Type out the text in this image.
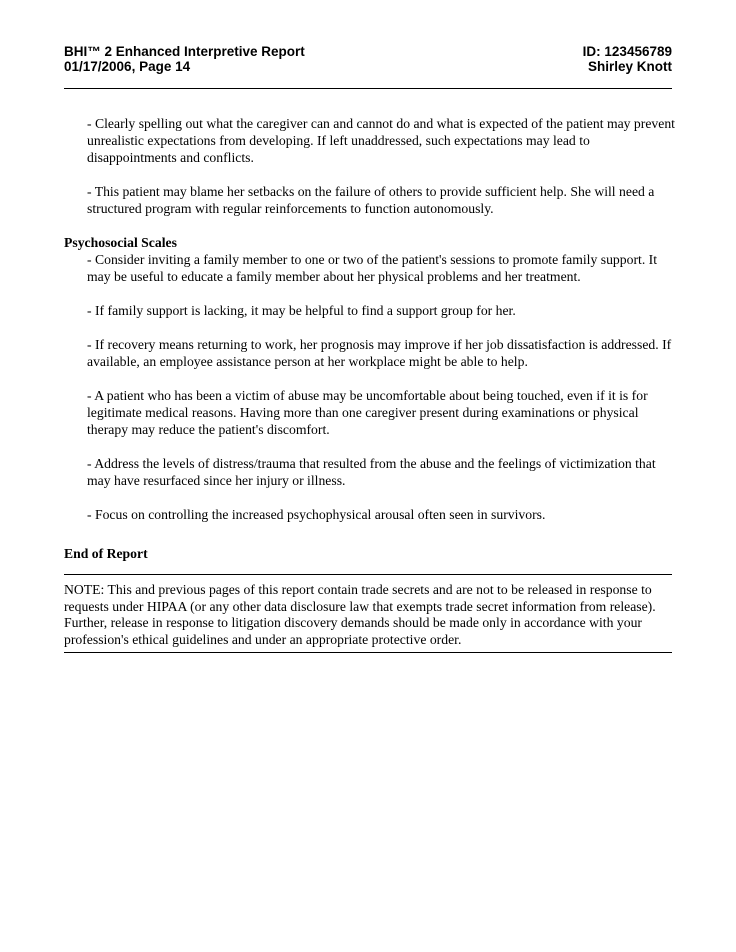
BHI™ 2 Enhanced Interpretive Report
01/17/2006, Page 14
ID: 123456789
Shirley Knott

- Clearly spelling out what the caregiver can and cannot do and what is expected of the patient may prevent unrealistic expectations from developing. If left unaddressed, such expectations may lead to disappointments and conflicts.

- This patient may blame her setbacks on the failure of others to provide sufficient help. She will need a structured program with regular reinforcements to function autonomously.

Psychosocial Scales

- Consider inviting a family member to one or two of the patient's sessions to promote family support. It may be useful to educate a family member about her physical problems and her treatment.

- If family support is lacking, it may be helpful to find a support group for her.

- If recovery means returning to work, her prognosis may improve if her job dissatisfaction is addressed. If available, an employee assistance person at her workplace might be able to help.

- A patient who has been a victim of abuse may be uncomfortable about being touched, even if it is for legitimate medical reasons. Having more than one caregiver present during examinations or physical therapy may reduce the patient's discomfort.

- Address the levels of distress/trauma that resulted from the abuse and the feelings of victimization that may have resurfaced since her injury or illness.

- Focus on controlling the increased psychophysical arousal often seen in survivors.

End of Report

NOTE: This and previous pages of this report contain trade secrets and are not to be released in response to requests under HIPAA (or any other data disclosure law that exempts trade secret information from release). Further, release in response to litigation discovery demands should be made only in accordance with your profession's ethical guidelines and under an appropriate protective order.
